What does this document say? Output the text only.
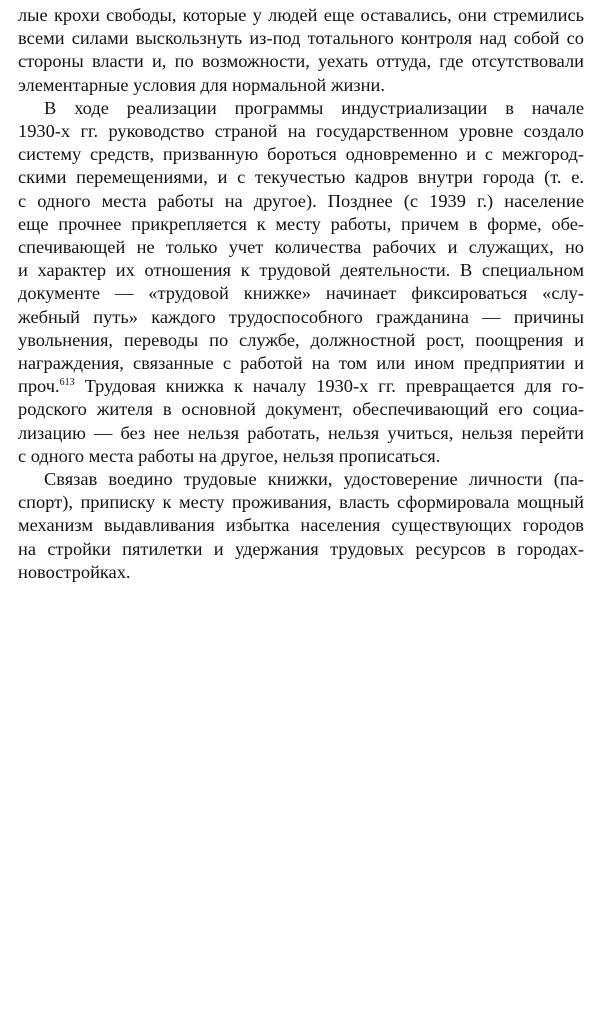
лые крохи свободы, которые у людей еще оставались, они стремились
всеми силами выскользнуть из-под тотального контроля над собой со
стороны власти и, по возможности, уехать оттуда, где отсутствовали
элементарные условия для нормальной жизни.
В ходе реализации программы индустриализации в начале
1930-х гг. руководство страной на государственном уровне создало
систему средств, призванную бороться одновременно и с межгород-
скими перемещениями, и с текучестью кадров внутри города (т. е.
с одного места работы на другое). Позднее (с 1939 г.) население
еще прочнее прикрепляется к месту работы, причем в форме, обе-
спечивающей не только учет количества рабочих и служащих, но
и характер их отношения к трудовой деятельности. В специальном
документе — «трудовой книжке» начинает фиксироваться «слу-
жебный путь» каждого трудоспособного гражданина — причины
увольнения, переводы по службе, должностной рост, поощрения и
награждения, связанные с работой на том или ином предприятии и
проч.$^{613}$ Трудовая книжка к началу 1930-х гг. превращается для го-
родского жителя в основной документ, обеспечивающий его социа-
лизацию — без нее нельзя работать, нельзя учиться, нельзя перейти
с одного места работы на другое, нельзя прописаться.
Связав воедино трудовые книжки, удостоверение личности (па-
спорт), приписку к месту проживания, власть сформировала мощный
механизм выдавливания избытка населения существующих городов
на стройки пятилетки и удержания трудовых ресурсов в городах-
новостройках.
